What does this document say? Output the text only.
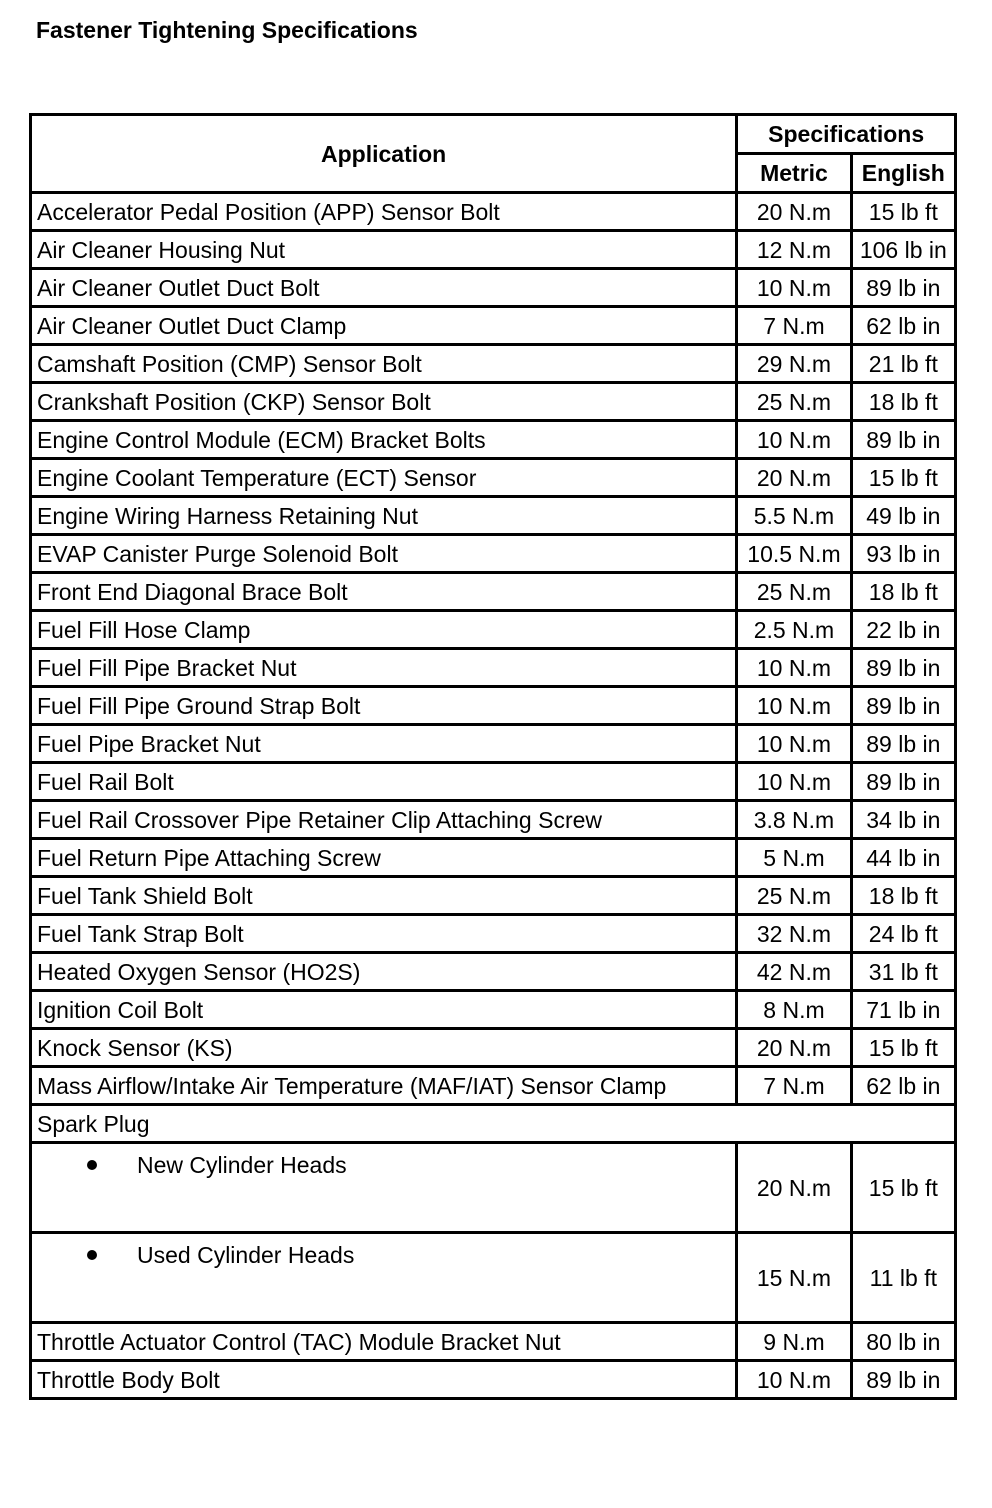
Fastener Tightening Specifications
Application	Specifications	
	Metric	English
Accelerator Pedal Position (APP) Sensor Bolt	20 N.m	15 lb ft
Air Cleaner Housing Nut	12 N.m	106 lb in
Air Cleaner Outlet Duct Bolt	10 N.m	89 lb in
Air Cleaner Outlet Duct Clamp	7 N.m	62 lb in
Camshaft Position (CMP) Sensor Bolt	29 N.m	21 lb ft
Crankshaft Position (CKP) Sensor Bolt	25 N.m	18 lb ft
Engine Control Module (ECM) Bracket Bolts	10 N.m	89 lb in
Engine Coolant Temperature (ECT) Sensor	20 N.m	15 lb ft
Engine Wiring Harness Retaining Nut	5.5 N.m	49 lb in
EVAP Canister Purge Solenoid Bolt	10.5 N.m	93 lb in
Front End Diagonal Brace Bolt	25 N.m	18 lb ft
Fuel Fill Hose Clamp	2.5 N.m	22 lb in
Fuel Fill Pipe Bracket Nut	10 N.m	89 lb in
Fuel Fill Pipe Ground Strap Bolt	10 N.m	89 lb in
Fuel Pipe Bracket Nut	10 N.m	89 lb in
Fuel Rail Bolt	10 N.m	89 lb in
Fuel Rail Crossover Pipe Retainer Clip Attaching Screw	3.8 N.m	34 lb in
Fuel Return Pipe Attaching Screw	5 N.m	44 lb in
Fuel Tank Shield Bolt	25 N.m	18 lb ft
Fuel Tank Strap Bolt	32 N.m	24 lb ft
Heated Oxygen Sensor (HO2S)	42 N.m	31 lb ft
Ignition Coil Bolt	8 N.m	71 lb in
Knock Sensor (KS)	20 N.m	15 lb ft
Mass Airflow/Intake Air Temperature (MAF/IAT) Sensor Clamp	7 N.m	62 lb in
Spark Plug		
New Cylinder Heads	20 N.m	15 lb ft
Used Cylinder Heads	15 N.m	11 lb ft
Throttle Actuator Control (TAC) Module Bracket Nut	9 N.m	80 lb in
Throttle Body Bolt	10 N.m	89 lb in
